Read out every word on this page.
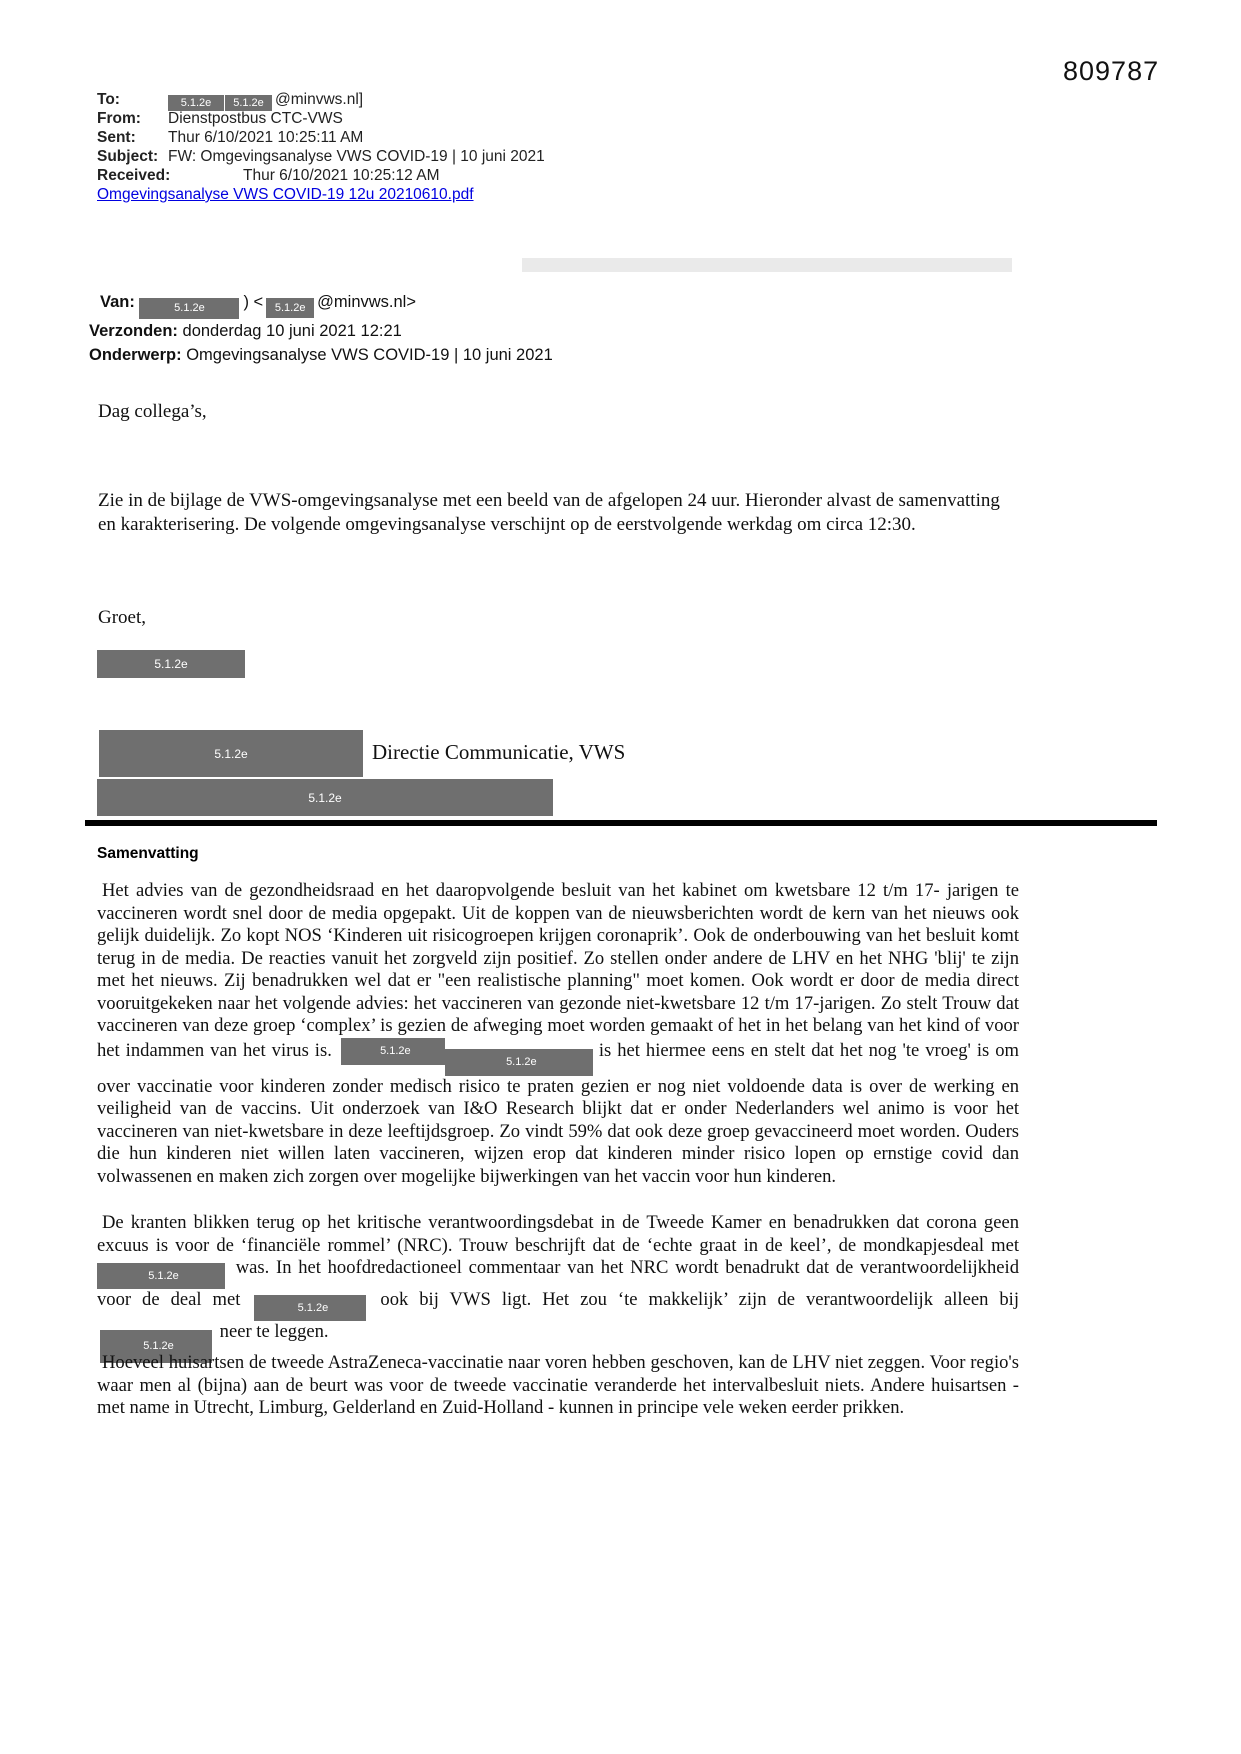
809787
To:	5.1.2e 5.1.2e @minvws.nl]
From:	Dienstpostbus CTC-VWS
Sent:	Thur 6/10/2021 10:25:11 AM
Subject: FW: Omgevingsanalyse VWS COVID-19 | 10 juni 2021
Received:	Thur 6/10/2021 10:25:12 AM
Omgevingsanalyse VWS COVID-19 12u 20210610.pdf
Van:	5.1.2e ) < 5.1.2e @minvws.nl>
Verzonden: donderdag 10 juni 2021 12:21
Onderwerp: Omgevingsanalyse VWS COVID-19 | 10 juni 2021
Dag collega’s,
Zie in de bijlage de VWS-omgevingsanalyse met een beeld van de afgelopen 24 uur. Hieronder alvast de samenvatting en karakterisering. De volgende omgevingsanalyse verschijnt op de eerstvolgende werkdag om circa 12:30.
Groet,
5.1.2e
5.1.2e	Directie Communicatie, VWS
5.1.2e
Samenvatting
Het advies van de gezondheidsraad en het daaropvolgende besluit van het kabinet om kwetsbare 12 t/m 17- jarigen te vaccineren wordt snel door de media opgepakt. Uit de koppen van de nieuwsberichten wordt de kern van het nieuws ook gelijk duidelijk. Zo kopt NOS ‘Kinderen uit risicogroepen krijgen coronaprik’. Ook de onderbouwing van het besluit komt terug in de media. De reacties vanuit het zorgveld zijn positief. Zo stellen onder andere de LHV en het NHG 'blij' te zijn met het nieuws. Zij benadrukken wel dat er "een realistische planning" moet komen. Ook wordt er door de media direct vooruitgekeken naar het volgende advies: het vaccineren van gezonde niet-kwetsbare 12 t/m 17-jarigen. Zo stelt Trouw dat vaccineren van deze groep ‘complex’ is gezien de afweging moet worden gemaakt of het in het belang van het kind of voor het indammen van het virus is.	5.1.2e5.1.2e is het hiermee eens en stelt dat het nog 'te vroeg' is om over vaccinatie voor kinderen zonder medisch risico te praten gezien er nog niet voldoende data is over de werking en veiligheid van de vaccins. Uit onderzoek van I&O Research blijkt dat er onder Nederlanders wel animo is voor het vaccineren van niet-kwetsbare in deze leeftijdsgroep. Zo vindt 59% dat ook deze groep gevaccineerd moet worden. Ouders die hun kinderen niet willen laten vaccineren, wijzen erop dat kinderen minder risico lopen op ernstige covid dan volwassenen en maken zich zorgen over mogelijke bijwerkingen van het vaccin voor hun kinderen.
De kranten blikken terug op het kritische verantwoordingsdebat in de Tweede Kamer en benadrukken dat corona geen excuus is voor de ‘financiële rommel’ (NRC). Trouw beschrijft dat de ‘echte graat in de keel’, de mondkapjesdeal met 5.1.2e	was. In het hoofdredactioneel commentaar van het NRC wordt benadrukt dat de verantwoordelijkheid voor de deal met	5.1.2e	ook bij VWS ligt. Het zou ‘te makkelijk’ zijn de verantwoordelijk alleen bij 5.1.2e neer te leggen.
Hoeveel huisartsen de tweede AstraZeneca-vaccinatie naar voren hebben geschoven, kan de LHV niet zeggen. Voor regio's waar men al (bijna) aan de beurt was voor de tweede vaccinatie veranderde het intervalbesluit niets. Andere huisartsen - met name in Utrecht, Limburg, Gelderland en Zuid-Holland - kunnen in principe vele weken eerder prikken.
